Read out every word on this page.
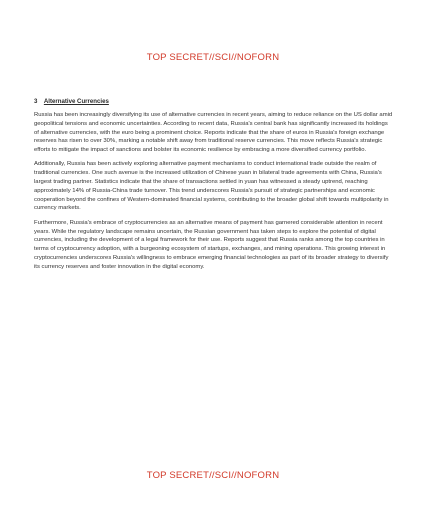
TOP SECRET//SCI//NOFORN
3 Alternative Currencies

Russia has been increasingly diversifying its use of alternative currencies in recent years, aiming to reduce reliance on the US dollar amid geopolitical tensions and economic uncertainties. According to recent data, Russia's central bank has significantly increased its holdings of alternative currencies, with the euro being a prominent choice. Reports indicate that the share of euros in Russia's foreign exchange reserves has risen to over 30%, marking a notable shift away from traditional reserve currencies. This move reflects Russia's strategic efforts to mitigate the impact of sanctions and bolster its economic resilience by embracing a more diversified currency portfolio.

Additionally, Russia has been actively exploring alternative payment mechanisms to conduct international trade outside the realm of traditional currencies. One such avenue is the increased utilization of Chinese yuan in bilateral trade agreements with China, Russia's largest trading partner. Statistics indicate that the share of transactions settled in yuan has witnessed a steady uptrend, reaching approximately 14% of Russia-China trade turnover. This trend underscores Russia's pursuit of strategic partnerships and economic cooperation beyond the confines of Western-dominated financial systems, contributing to the broader global shift towards multipolarity in currency markets.

Furthermore, Russia's embrace of cryptocurrencies as an alternative means of payment has garnered considerable attention in recent years. While the regulatory landscape remains uncertain, the Russian government has taken steps to explore the potential of digital currencies, including the development of a legal framework for their use. Reports suggest that Russia ranks among the top countries in terms of cryptocurrency adoption, with a burgeoning ecosystem of startups, exchanges, and mining operations. This growing interest in cryptocurrencies underscores Russia's willingness to embrace emerging financial technologies as part of its broader strategy to diversify its currency reserves and foster innovation in the digital economy.

TOP SECRET//SCI//NOFORN
